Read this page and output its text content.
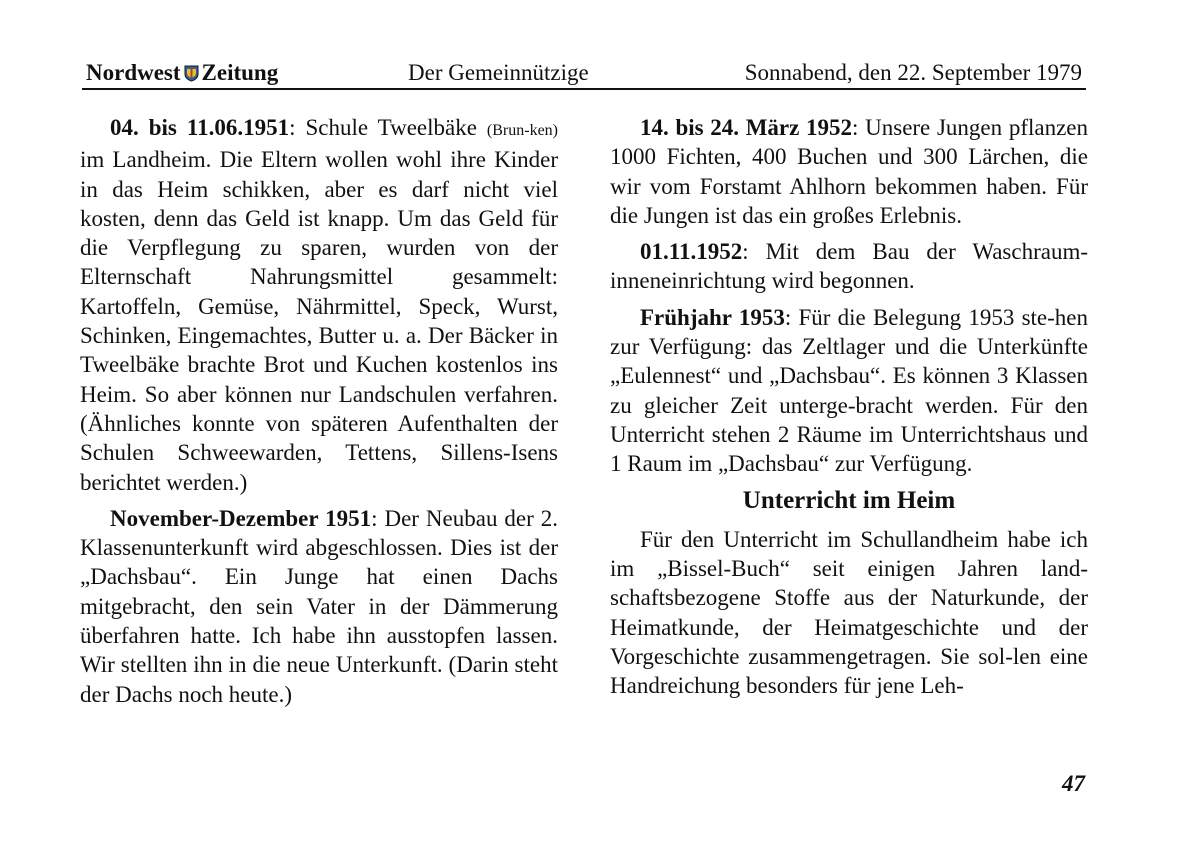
Nordwest Zeitung	Der Gemeinnützige	Sonnabend, den 22. September 1979

04. bis 11.06.1951: Schule Tweelbäke (Brun-ken) im Landheim. Die Eltern wollen wohl ihre Kinder in das Heim schikken, aber es darf nicht viel kosten, denn das Geld ist knapp. Um das Geld für die Verpflegung zu sparen, wurden von der Elternschaft Nahrungsmittel gesammelt: Kartoffeln, Gemüse, Nährmittel, Speck, Wurst, Schinken, Eingemachtes, Butter u. a. Der Bäcker in Tweelbäke brachte Brot und Kuchen kostenlos ins Heim. So aber können nur Landschulen verfahren. (Ähnliches konnte von späteren Aufenthalten der Schulen Schweewarden, Tettens, Sillens-Isens berichtet werden.)

November-Dezember 1951: Der Neubau der 2. Klassenunterkunft wird abgeschlossen. Dies ist der „Dachsbau“. Ein Junge hat einen Dachs mitgebracht, den sein Vater in der Dämmerung überfahren hatte. Ich habe ihn ausstopfen lassen. Wir stellten ihn in die neue Unterkunft. (Darin steht der Dachs noch heute.)

14. bis 24. März 1952: Unsere Jungen pflanzen 1000 Fichten, 400 Buchen und 300 Lärchen, die wir vom Forstamt Ahlhorn bekommen haben. Für die Jungen ist das ein großes Erlebnis.

01.11.1952: Mit dem Bau der Waschraum-inneneinrichtung wird begonnen.

Frühjahr 1953: Für die Belegung 1953 ste-hen zur Verfügung: das Zeltlager und die Unterkünfte „Eulennest“ und „Dachsbau“. Es können 3 Klassen zu gleicher Zeit unterge-bracht werden. Für den Unterricht stehen 2 Räume im Unterrichtshaus und 1 Raum im „Dachsbau“ zur Verfügung.

Unterricht im Heim

Für den Unterricht im Schullandheim habe ich im „Bissel-Buch“ seit einigen Jahren land-schaftsbezogene Stoffe aus der Naturkunde, der Heimatkunde, der Heimatgeschichte und der Vorgeschichte zusammengetragen. Sie sol-len eine Handreichung besonders für jene Leh-

47
